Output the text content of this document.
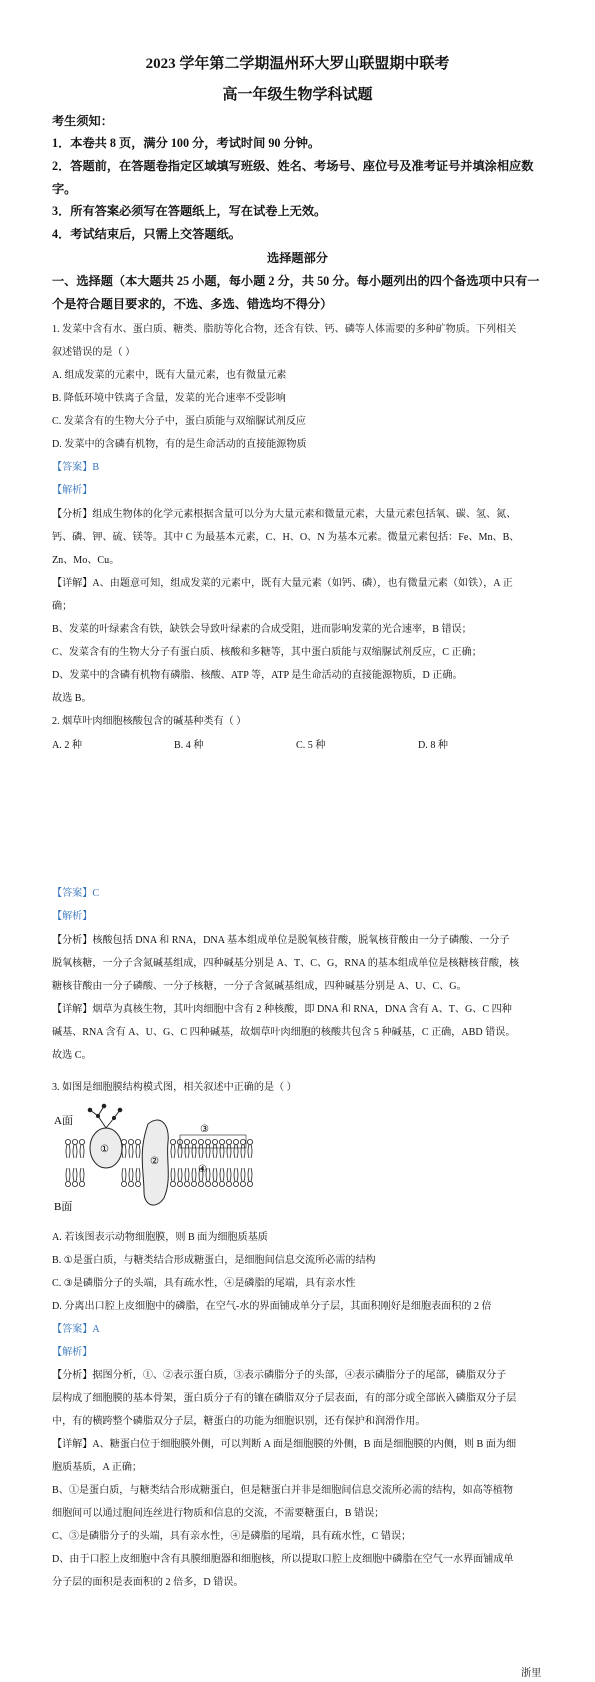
2023 学年第二学期温州环大罗山联盟期中联考
高一年级生物学科试题
考生须知：
1．本卷共 8 页，满分 100 分，考试时间 90 分钟。
2．答题前，在答题卷指定区域填写班级、姓名、考场号、座位号及准考证号并填涂相应数
字。
3．所有答案必须写在答题纸上，写在试卷上无效。
4．考试结束后，只需上交答题纸。
选择题部分
一、选择题（本大题共 25 小题，每小题 2 分，共 50 分。每小题列出的四个备选项中只有一
个是符合题目要求的，不选、多选、错选均不得分）
1. 发菜中含有水、蛋白质、糖类、脂肪等化合物，还含有铁、钙、磷等人体需要的多种矿物质。下列相关
叙述错误的是（ ）
A. 组成发菜的元素中，既有大量元素，也有微量元素
B. 降低环境中铁离子含量，发菜的光合速率不受影响
C. 发菜含有的生物大分子中，蛋白质能与双缩脲试剂反应
D. 发菜中的含磷有机物，有的是生命活动的直接能源物质
【答案】B
【解析】
【分析】组成生物体的化学元素根据含量可以分为大量元素和微量元素，大量元素包括氧、碳、氢、氮、
钙、磷、钾、硫、镁等。其中 C 为最基本元素，C、H、O、N 为基本元素。微量元素包括：Fe、Mn、B、
Zn、Mo、Cu。
【详解】A、由题意可知，组成发菜的元素中，既有大量元素（如钙、磷），也有微量元素（如铁），A 正
确；
B、发菜的叶绿素含有铁，缺铁会导致叶绿素的合成受阻，进而影响发菜的光合速率，B 错误；
C、发菜含有的生物大分子有蛋白质、核酸和多糖等，其中蛋白质能与双缩脲试剂反应，C 正确；
D、发菜中的含磷有机物有磷脂、核酸、ATP 等，ATP 是生命活动的直接能源物质，D 正确。
故选 B。
2. 烟草叶肉细胞核酸包含的碱基种类有（ ）
A. 2 种	B. 4 种	C. 5 种	D. 8 种
【答案】C
【解析】
【分析】核酸包括 DNA 和 RNA，DNA 基本组成单位是脱氧核苷酸，脱氧核苷酸由一分子磷酸、一分子
脱氧核糖，一分子含氮碱基组成，四种碱基分别是 A、T、C、G，RNA 的基本组成单位是核糖核苷酸，核
糖核苷酸由一分子磷酸、一分子核糖，一分子含氮碱基组成，四种碱基分别是 A、U、C、G。
【详解】烟草为真核生物，其叶肉细胞中含有 2 种核酸，即 DNA 和 RNA，DNA 含有 A、T、G、C 四种
碱基、RNA 含有 A、U、G、C 四种碱基，故烟草叶肉细胞的核酸共包含 5 种碱基，C 正确，ABD 错误。
故选 C。
3. 如图是细胞膜结构模式图，相关叙述中正确的是（ ）
A面
B面
①
②
③
④
A. 若该图表示动物细胞膜，则 B 面为细胞质基质
B. ①是蛋白质，与糖类结合形成糖蛋白，是细胞间信息交流所必需的结构
C. ③是磷脂分子的头端，具有疏水性，④是磷脂的尾端，具有亲水性
D. 分离出口腔上皮细胞中的磷脂，在空气-水的界面铺成单分子层，其面积刚好是细胞表面积的 2 倍
【答案】A
【解析】
【分析】据图分析，①、②表示蛋白质，③表示磷脂分子的头部，④表示磷脂分子的尾部，磷脂双分子
层构成了细胞膜的基本骨架，蛋白质分子有的镶在磷脂双分子层表面，有的部分或全部嵌入磷脂双分子层
中，有的横跨整个磷脂双分子层，糖蛋白的功能为细胞识别，还有保护和润滑作用。
【详解】A、糖蛋白位于细胞膜外侧，可以判断 A 面是细胞膜的外侧，B 面是细胞膜的内侧，则 B 面为细
胞质基质，A 正确；
B、①是蛋白质，与糖类结合形成糖蛋白，但是糖蛋白并非是细胞间信息交流所必需的结构，如高等植物
细胞间可以通过胞间连丝进行物质和信息的交流，不需要糖蛋白，B 错误；
C、③是磷脂分子的头端，具有亲水性，④是磷脂的尾端，具有疏水性，C 错误；
D、由于口腔上皮细胞中含有具膜细胞器和细胞核，所以提取口腔上皮细胞中磷脂在空气一水界面铺成单
分子层的面积是表面积的 2 倍多，D 错误。
浙里
